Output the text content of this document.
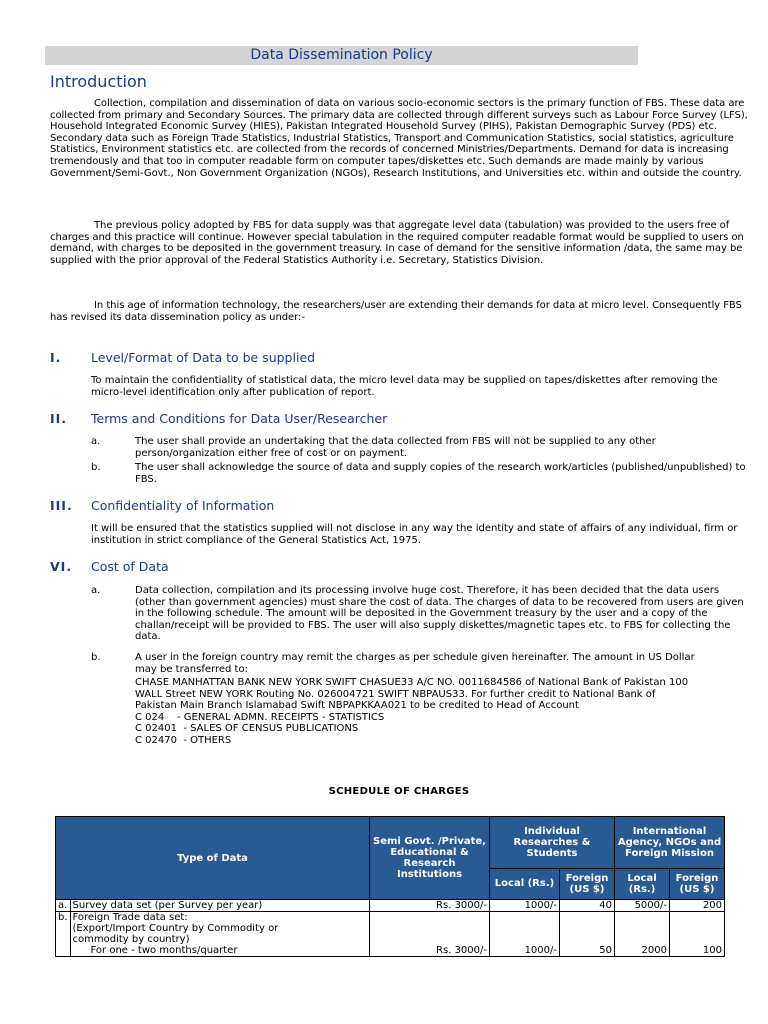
Data Dissemination Policy
Introduction

Collection, compilation and dissemination of data on various socio-economic sectors is the primary function of FBS. These data are collected from primary and Secondary Sources. The primary data are collected through different surveys such as Labour Force Survey (LFS), Household Integrated Economic Survey (HIES), Pakistan Integrated Household Survey (PIHS), Pakistan Demographic Survey (PDS) etc. Secondary data such as Foreign Trade Statistics, Industrial Statistics, Transport and Communication Statistics, social statistics, agriculture Statistics, Environment statistics etc. are collected from the records of concerned Ministries/Departments. Demand for data is increasing tremendously and that too in computer readable form on computer tapes/diskettes etc. Such demands are made mainly by various Government/Semi-Govt., Non Government Organization (NGOs), Research Institutions, and Universities etc. within and outside the country.

The previous policy adopted by FBS for data supply was that aggregate level data (tabulation) was provided to the users free of charges and this practice will continue. However special tabulation in the required computer readable format would be supplied to users on demand, with charges to be deposited in the government treasury. In case of demand for the sensitive information /data, the same may be supplied with the prior approval of the Federal Statistics Authority i.e. Secretary, Statistics Division.

In this age of information technology, the researchers/user are extending their demands for data at micro level. Consequently FBS has revised its data dissemination policy as under:-

I. Level/Format of Data to be supplied

To maintain the confidentiality of statistical data, the micro level data may be supplied on tapes/diskettes after removing the micro-level identification only after publication of report.

II. Terms and Conditions for Data User/Researcher
a.	The user shall provide an undertaking that the data collected from FBS will not be supplied to any other person/organization either free of cost or on payment.
b.	The user shall acknowledge the source of data and supply copies of the research work/articles (published/unpublished) to FBS.
III. Confidentiality of Information

It will be ensured that the statistics supplied will not disclose in any way the identity and state of affairs of any individual, firm or institution in strict compliance of the General Statistics Act, 1975.

VI. Cost of Data
a.	Data collection, compilation and its processing involve huge cost. Therefore, it has been decided that the data users (other than government agencies) must share the cost of data. The charges of data to be recovered from users are given in the following schedule. The amount will be deposited in the Government treasury by the user and a copy of the challan/receipt will be provided to FBS. The user will also supply diskettes/magnetic tapes etc. to FBS for collecting the data.
b.	A user in the foreign country may remit the charges as per schedule given hereinafter. The amount in US Dollar may be transferred to:
CHASE MANHATTAN BANK NEW YORK SWIFT CHASUE33 A/C NO. 0011684586 of National Bank of Pakistan 100
WALL Street NEW YORK Routing No. 026004721 SWIFT NBPAUS33. For further credit to National Bank of
Pakistan Main Branch Islamabad Swift NBPAPKKAA021 to be credited to Head of Account
C 024    - GENERAL ADMN. RECEIPTS - STATISTICS
C 02401  - SALES OF CENSUS PUBLICATIONS
C 02470  - OTHERS
SCHEDULE OF CHARGES
Type of Data		Semi Govt. /Private, Educational & Research Institutions	Individual Researches & Students		International Agency, NGOs and Foreign Mission	
			Local (Rs.)	Foreign (US $)	Local (Rs.)	Foreign (US $)
a.	Survey data set (per Survey per year)	Rs. 3000/-	1000/-	40	5000/-	200
b.	Foreign Trade data set:
(Export/Import Country by Commodity or
commodity by country)
For one - two months/quarter	Rs. 3000/-	1000/-	50	2000	100
